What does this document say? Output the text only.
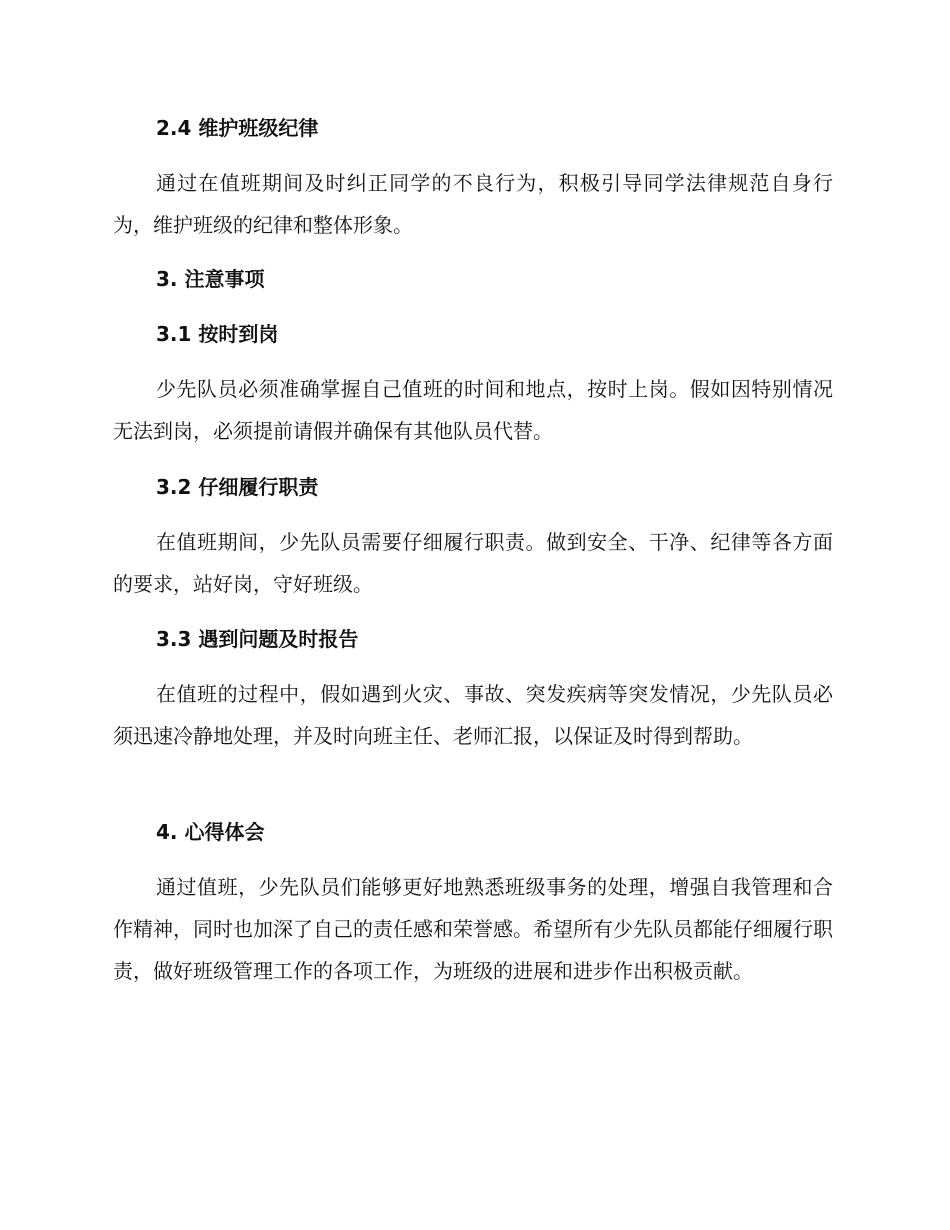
2.4 维护班级纪律

通过在值班期间及时纠正同学的不良行为，积极引导同学法律规范自身行为，维护班级的纪律和整体形象。

3. 注意事项
3.1 按时到岗

少先队员必须准确掌握自己值班的时间和地点，按时上岗。假如因特别情况无法到岗，必须提前请假并确保有其他队员代替。

3.2 仔细履行职责

在值班期间，少先队员需要仔细履行职责。做到安全、干净、纪律等各方面的要求，站好岗，守好班级。

3.3 遇到问题及时报告

在值班的过程中，假如遇到火灾、事故、突发疾病等突发情况，少先队员必须迅速冷静地处理，并及时向班主任、老师汇报，以保证及时得到帮助。

4. 心得体会

通过值班，少先队员们能够更好地熟悉班级事务的处理，增强自我管理和合作精神，同时也加深了自己的责任感和荣誉感。希望所有少先队员都能仔细履行职责，做好班级管理工作的各项工作，为班级的进展和进步作出积极贡献。
